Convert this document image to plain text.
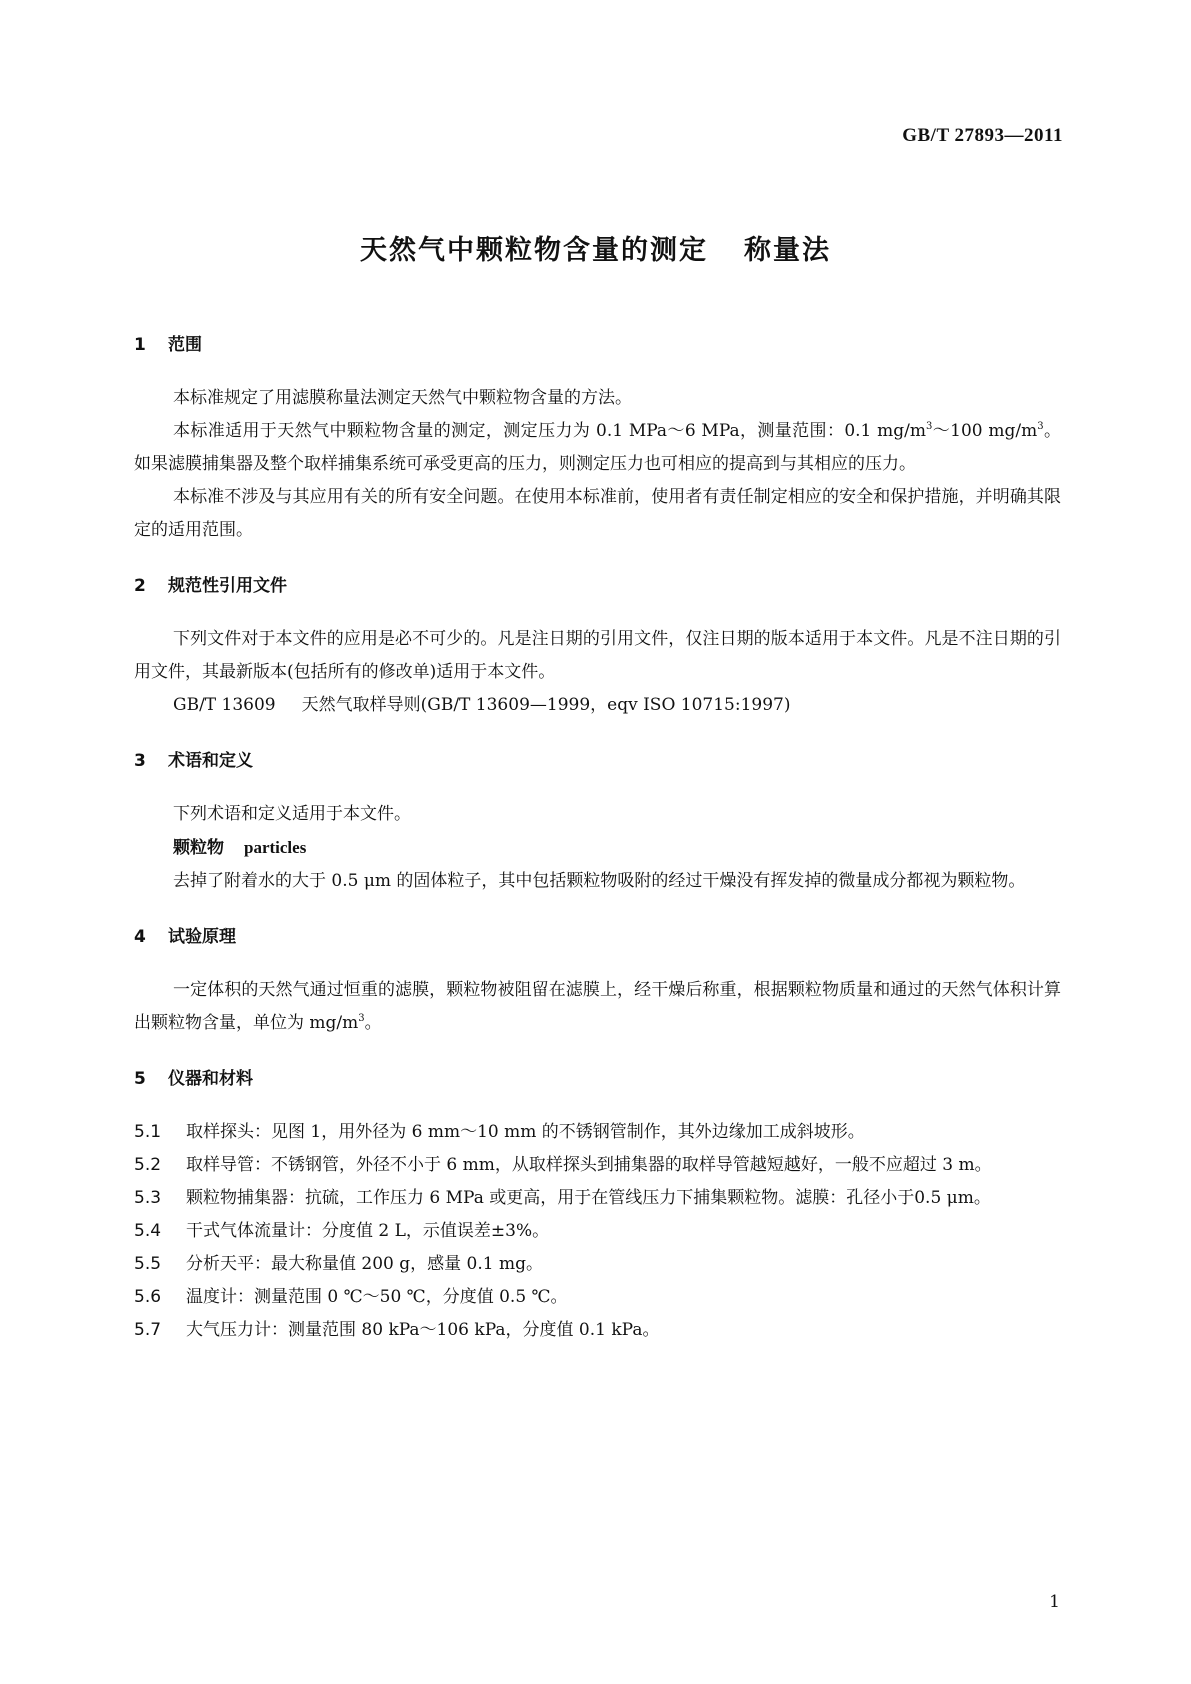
GB/T 27893—2011
天然气中颗粒物含量的测定 称量法
1 范围

本标准规定了用滤膜称量法测定天然气中颗粒物含量的方法。

本标准适用于天然气中颗粒物含量的测定，测定压力为 0.1 MPa～6 MPa，测量范围：0.1 $mg/m^3\sim 100$ $mg/m^3$。如果滤膜捕集器及整个取样捕集系统可承受更高的压力，则测定压力也可相应的提高到与其相应的压力。

本标准不涉及与其应用有关的所有安全问题。在使用本标准前，使用者有责任制定相应的安全和保护措施，并明确其限定的适用范围。

2 规范性引用文件

下列文件对于本文件的应用是必不可少的。凡是注日期的引用文件，仅注日期的版本适用于本文件。凡是不注日期的引用文件，其最新版本(包括所有的修改单)适用于本文件。

GB/T 13609 天然气取样导则(GB/T 13609—1999，eqv ISO 10715:1997)
3 术语和定义

下列术语和定义适用于本文件。

颗粒物 particles

去掉了附着水的大于 0.5 μm 的固体粒子，其中包括颗粒物吸附的经过干燥没有挥发掉的微量成分都视为颗粒物。

4 试验原理

一定体积的天然气通过恒重的滤膜，颗粒物被阻留在滤膜上，经干燥后称重，根据颗粒物质量和通过的天然气体积计算出颗粒物含量，单位为 $mg/m^3$。

5 仪器和材料

5.1 取样探头：见图 1，用外径为 6 mm～10 mm 的不锈钢管制作，其外边缘加工成斜坡形。

5.2 取样导管：不锈钢管，外径不小于 6 mm，从取样探头到捕集器的取样导管越短越好，一般不应超过 3 m。

5.3 颗粒物捕集器：抗硫，工作压力 6 MPa 或更高，用于在管线压力下捕集颗粒物。滤膜：孔径小于0.5 μm。

5.4 干式气体流量计：分度值 2 L，示值误差±3%。

5.5 分析天平：最大称量值 200 g，感量 0.1 mg。

5.6 温度计：测量范围 0 ℃～50 ℃，分度值 0.5 ℃。

5.7 大气压力计：测量范围 80 kPa～106 kPa，分度值 0.1 kPa。

1
